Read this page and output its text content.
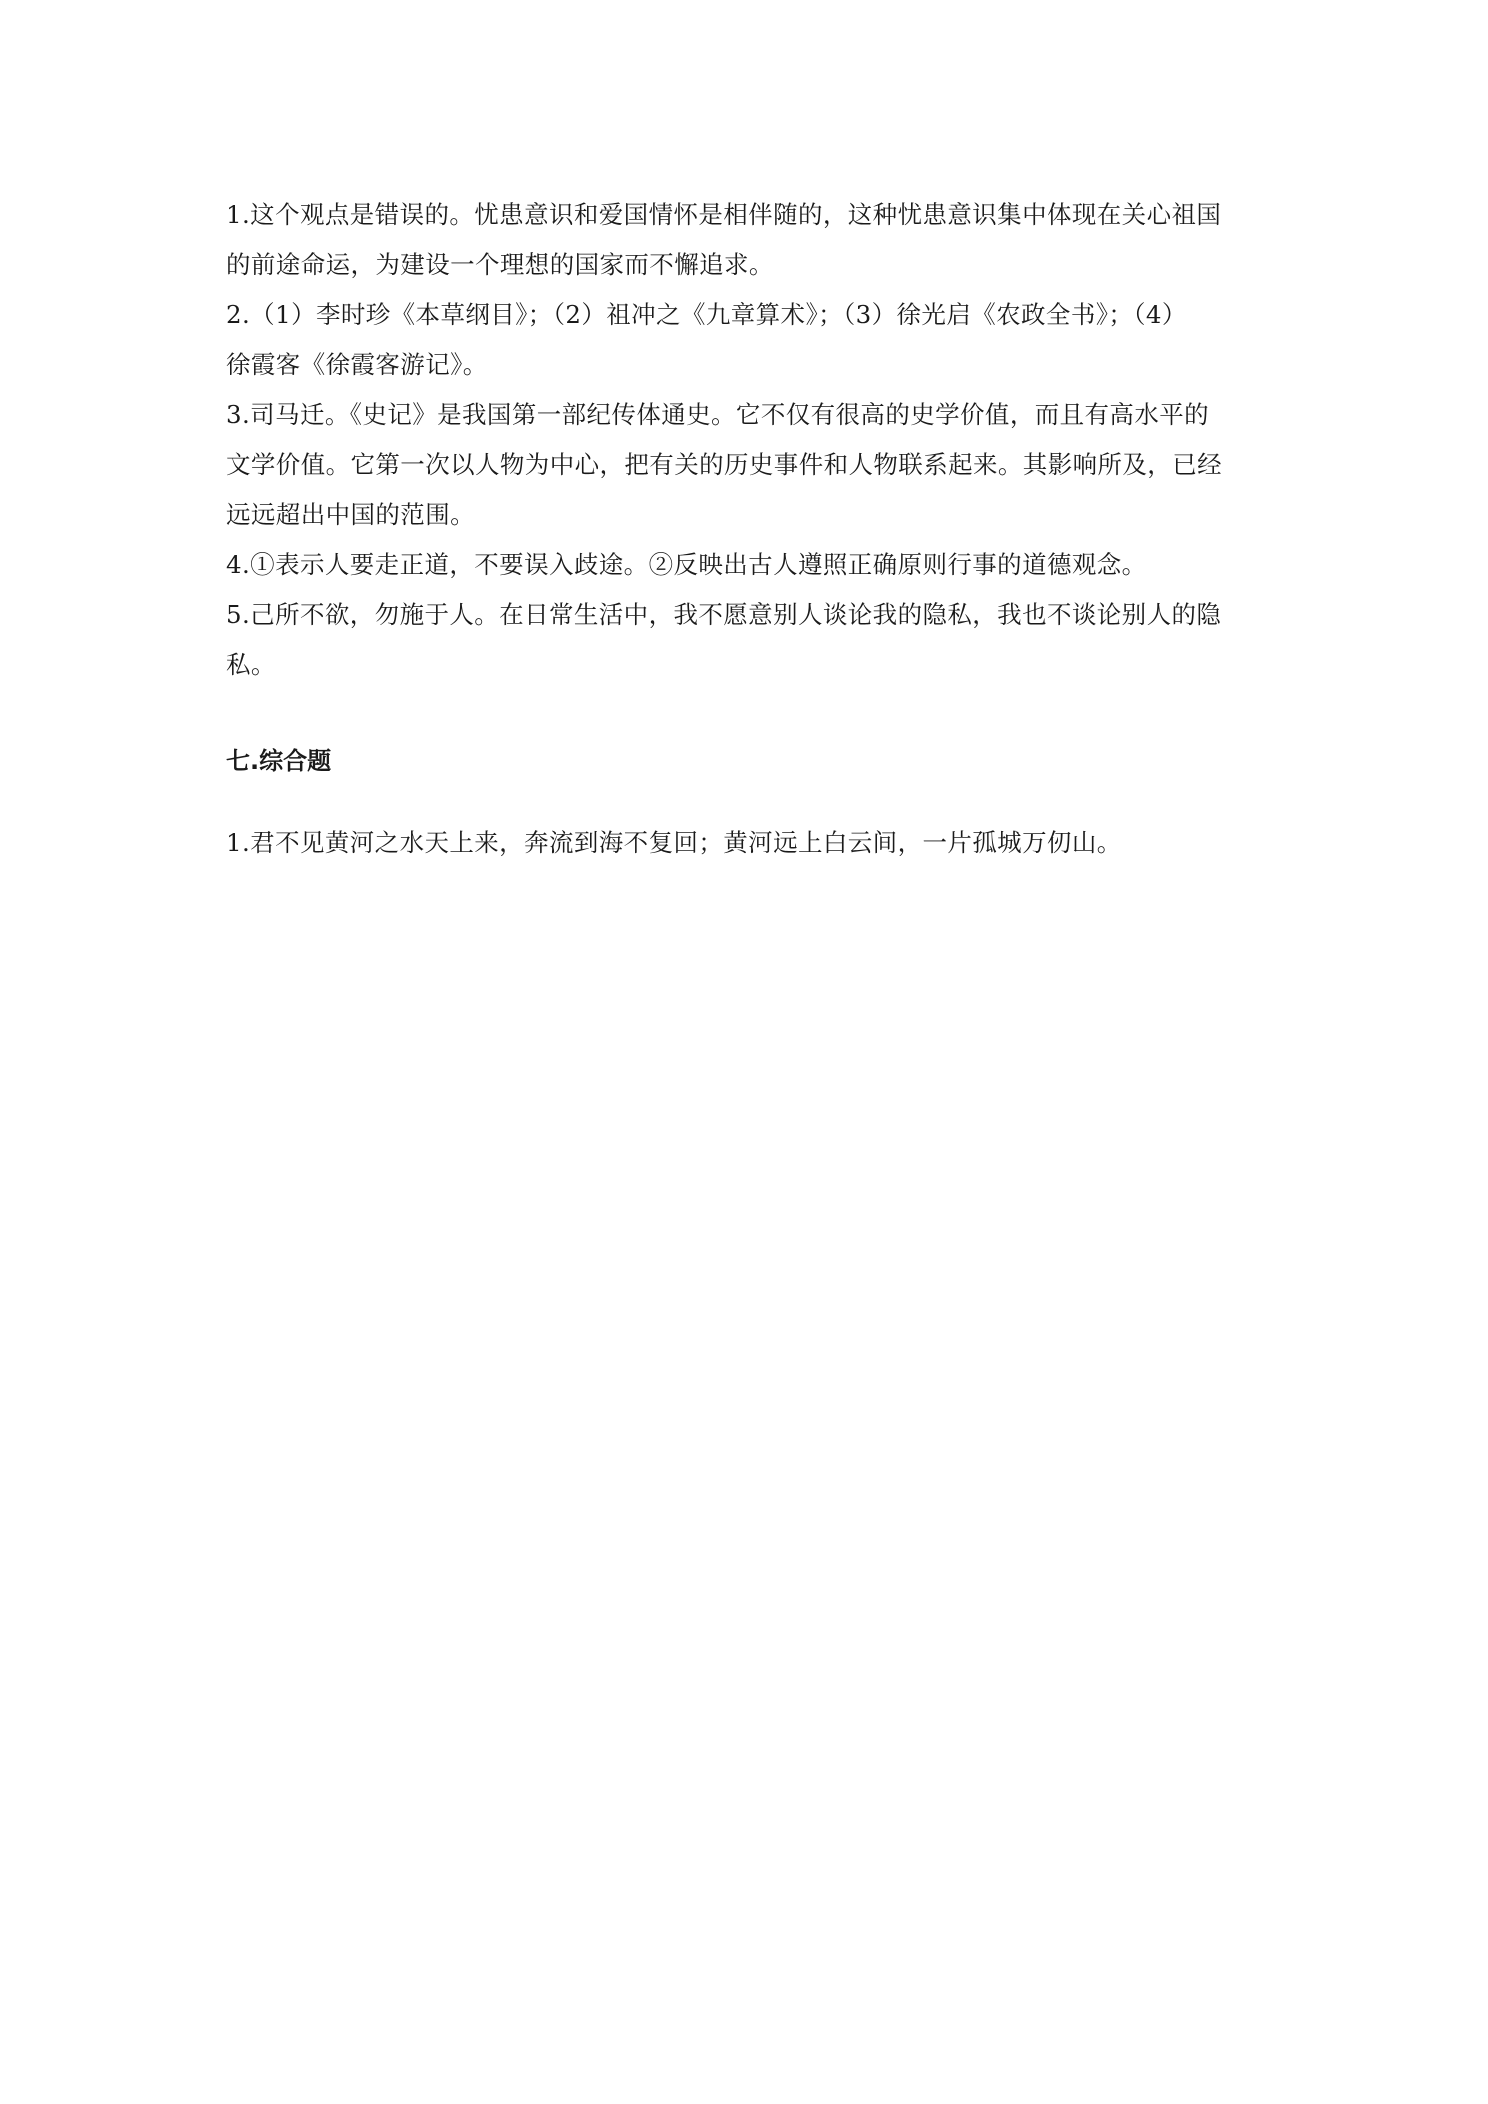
1.这个观点是错误的。忧患意识和爱国情怀是相伴随的，这种忧患意识集中体现在关心祖国

的前途命运，为建设一个理想的国家而不懈追求。

2.（1）李时珍《本草纲目》；（2）祖冲之《九章算术》；（3）徐光启《农政全书》；（4）

徐霞客《徐霞客游记》。

3.司马迁。《史记》是我国第一部纪传体通史。它不仅有很高的史学价值，而且有高水平的

文学价值。它第一次以人物为中心，把有关的历史事件和人物联系起来。其影响所及，已经

远远超出中国的范围。

4.①表示人要走正道，不要误入歧途。②反映出古人遵照正确原则行事的道德观念。

5.己所不欲，勿施于人。在日常生活中，我不愿意别人谈论我的隐私，我也不谈论别人的隐

私。

七.综合题

1.君不见黄河之水天上来，奔流到海不复回；黄河远上白云间，一片孤城万仞山。
